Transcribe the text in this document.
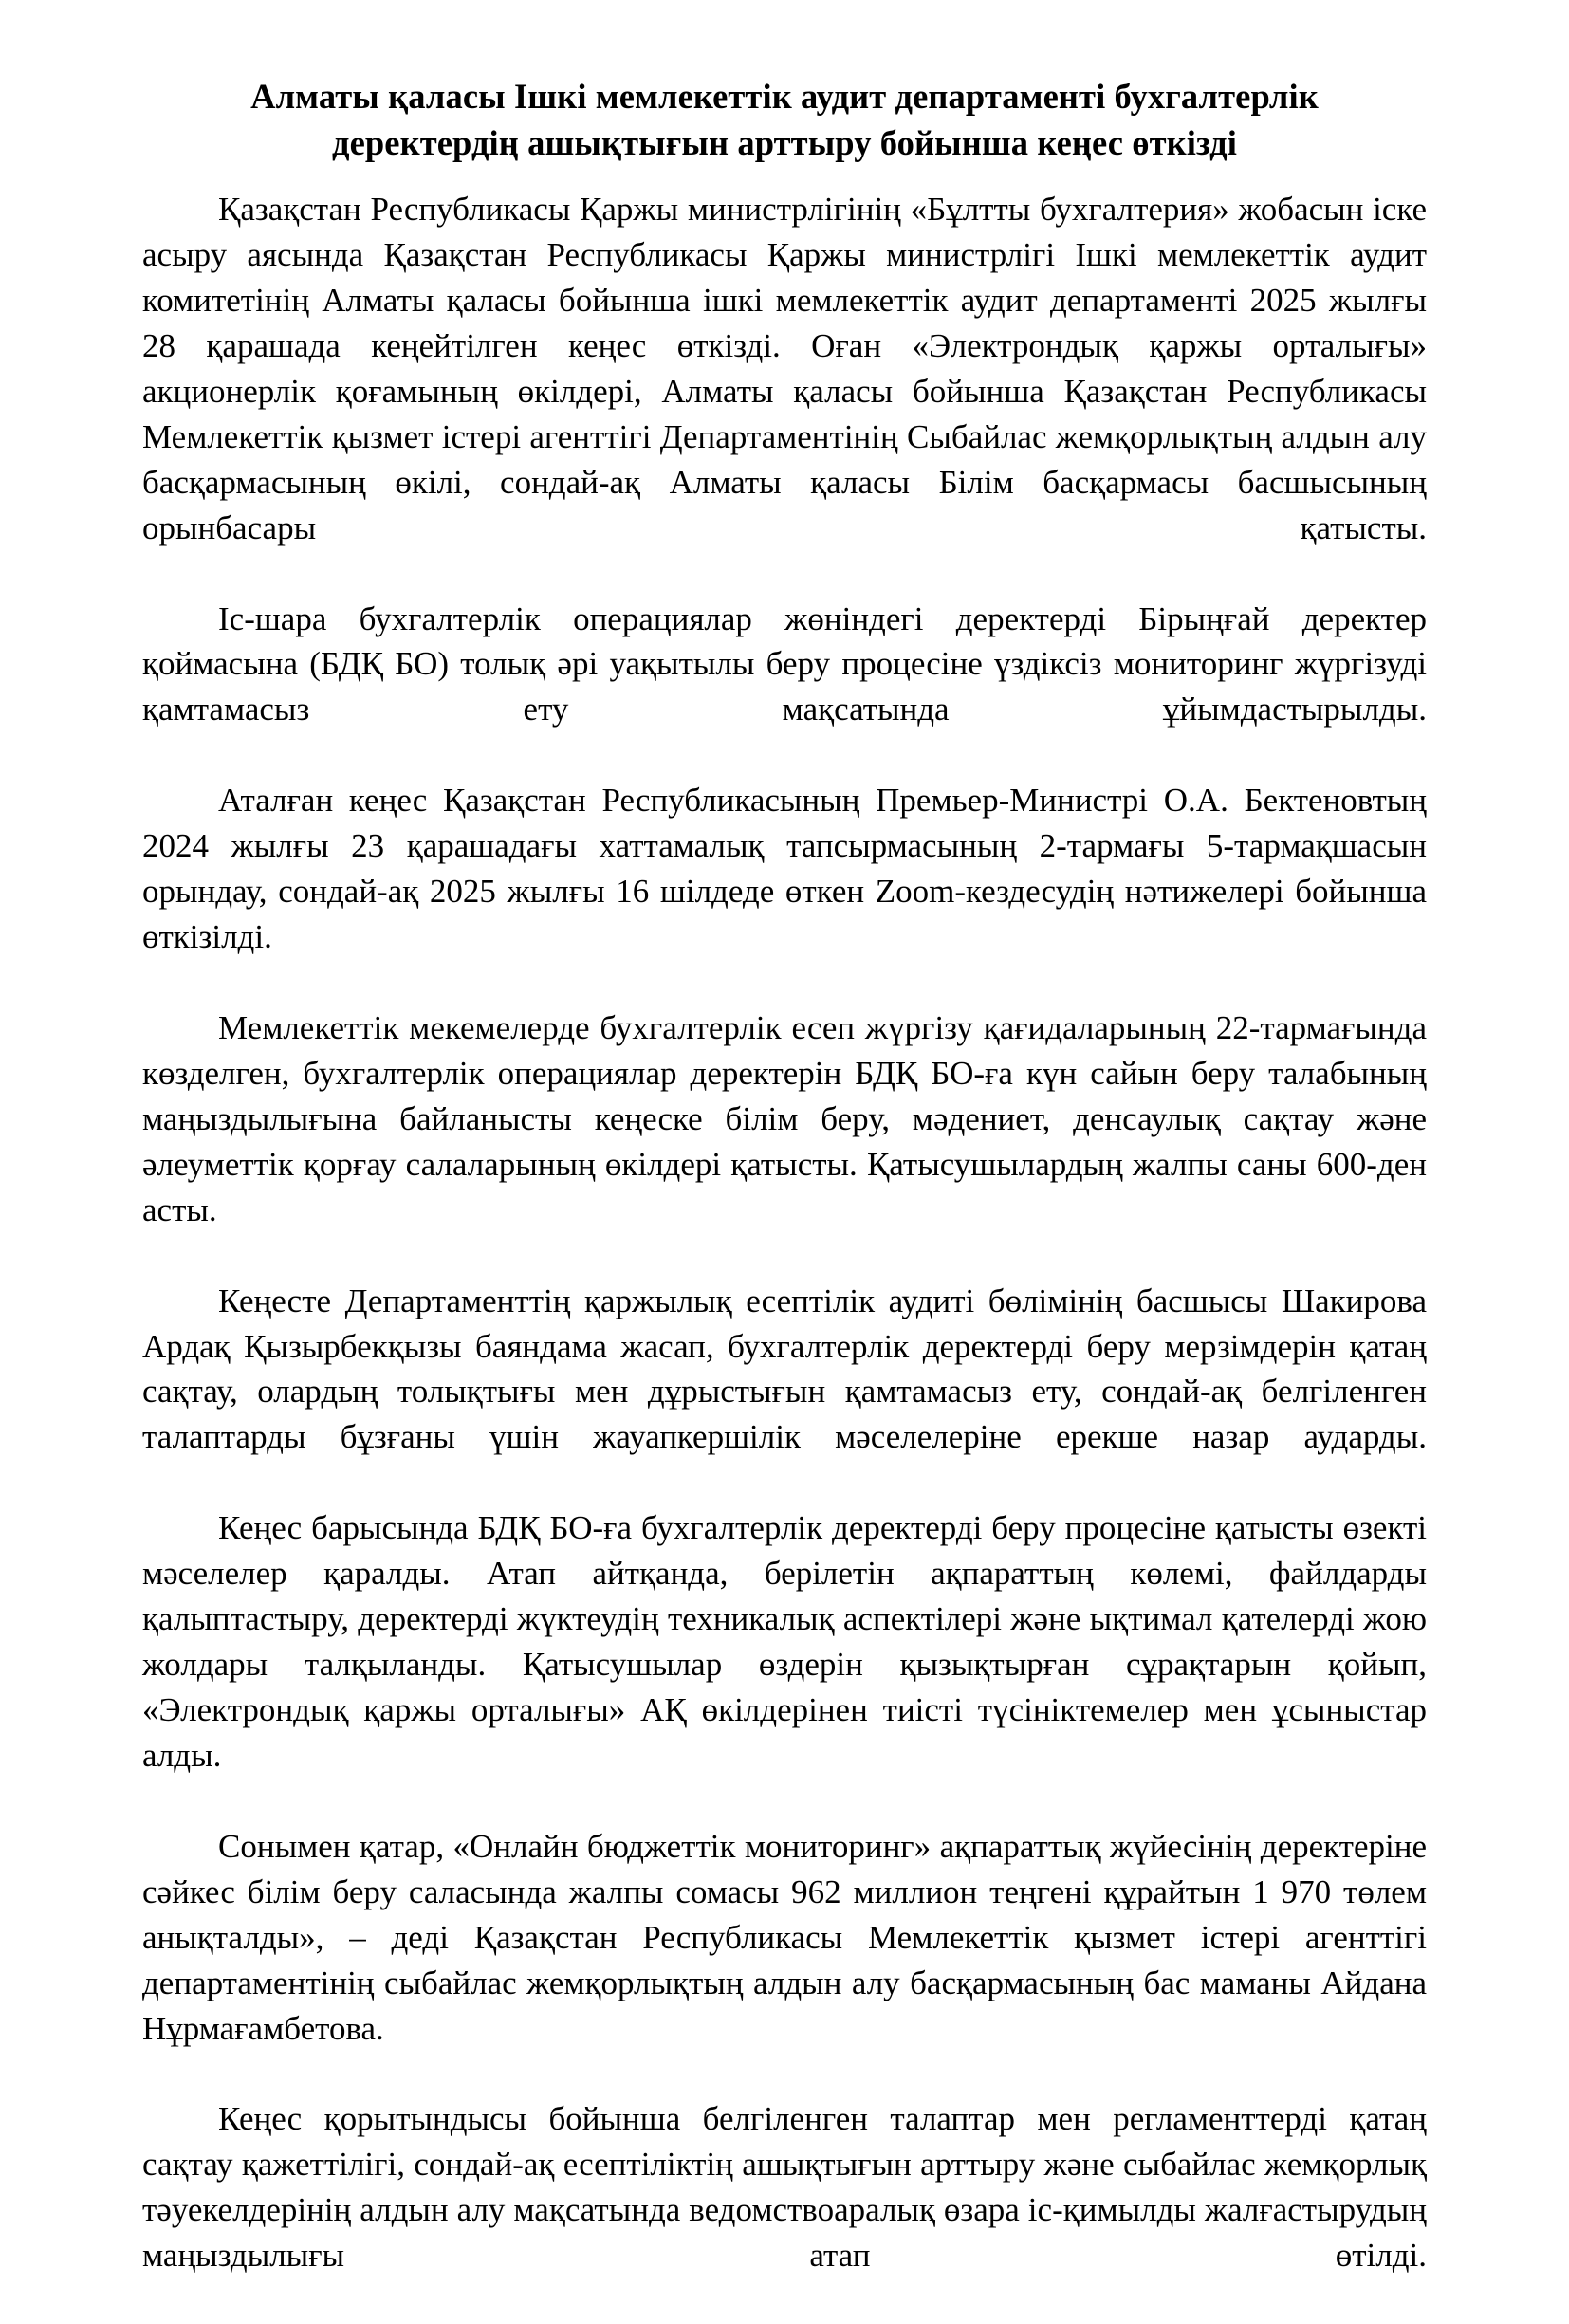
Алматы қаласы Ішкі мемлекеттік аудит департаменті бухгалтерлік деректердің ашықтығын арттыру бойынша кеңес өткізді

Қазақстан Республикасы Қаржы министрлігінің «Бұлтты бухгалтерия» жобасын іске асыру аясында Қазақстан Республикасы Қаржы министрлігі Ішкі мемлекеттік аудит комитетінің Алматы қаласы бойынша ішкі мемлекеттік аудит департаменті 2025 жылғы 28 қарашада кеңейтілген кеңес өткізді. Оған «Электрондық қаржы орталығы» акционерлік қоғамының өкілдері, Алматы қаласы бойынша Қазақстан Республикасы Мемлекеттік қызмет істері агенттігі Департаментінің Сыбайлас жемқорлықтың алдын алу басқармасының өкілі, сондай-ақ Алматы қаласы Білім басқармасы басшысының орынбасары қатысты.

Іс-шара бухгалтерлік операциялар жөніндегі деректерді Бірыңғай деректер қоймасына (БДҚ БО) толық әрі уақытылы беру процесіне үздіксіз мониторинг жүргізуді қамтамасыз ету мақсатында ұйымдастырылды.

Аталған кеңес Қазақстан Республикасының Премьер-Министрі О.А. Бектеновтың 2024 жылғы 23 қарашадағы хаттамалық тапсырмасының 2-тармағы 5-тармақшасын орындау, сондай-ақ 2025 жылғы 16 шілдеде өткен Zoom-кездесудің нәтижелері бойынша өткізілді.

Мемлекеттік мекемелерде бухгалтерлік есеп жүргізу қағидаларының 22-тармағында көзделген, бухгалтерлік операциялар деректерін БДҚ БО-ға күн сайын беру талабының маңыздылығына байланысты кеңеске білім беру, мәдениет, денсаулық сақтау және әлеуметтік қорғау салаларының өкілдері қатысты. Қатысушылардың жалпы саны 600-ден асты.

Кеңесте Департаменттің қаржылық есептілік аудиті бөлімінің басшысы Шакирова Ардақ Қызырбекқызы баяндама жасап, бухгалтерлік деректерді беру мерзімдерін қатаң сақтау, олардың толықтығы мен дұрыстығын қамтамасыз ету, сондай-ақ белгіленген талаптарды бұзғаны үшін жауапкершілік мәселелеріне ерекше назар аударды.

Кеңес барысында БДҚ БО-ға бухгалтерлік деректерді беру процесіне қатысты өзекті мәселелер қаралды. Атап айтқанда, берілетін ақпараттың көлемі, файлдарды қалыптастыру, деректерді жүктеудің техникалық аспектілері және ықтимал қателерді жою жолдары талқыланды. Қатысушылар өздерін қызықтырған сұрақтарын қойып, «Электрондық қаржы орталығы» АҚ өкілдерінен тиісті түсініктемелер мен ұсыныстар алды.

Сонымен қатар, «Онлайн бюджеттік мониторинг» ақпараттық жүйесінің деректеріне сәйкес білім беру саласында жалпы сомасы 962 миллион теңгені құрайтын 1 970 төлем анықталды», – деді Қазақстан Республикасы Мемлекеттік қызмет істері агенттігі департаментінің сыбайлас жемқорлықтың алдын алу басқармасының бас маманы Айдана Нұрмағамбетова.

Кеңес қорытындысы бойынша белгіленген талаптар мен регламенттерді қатаң сақтау қажеттілігі, сондай-ақ есептіліктің ашықтығын арттыру және сыбайлас жемқорлық тәуекелдерінің алдын алу мақсатында ведомствоаралық өзара іс-қимылды жалғастырудың маңыздылығы атап өтілді.
